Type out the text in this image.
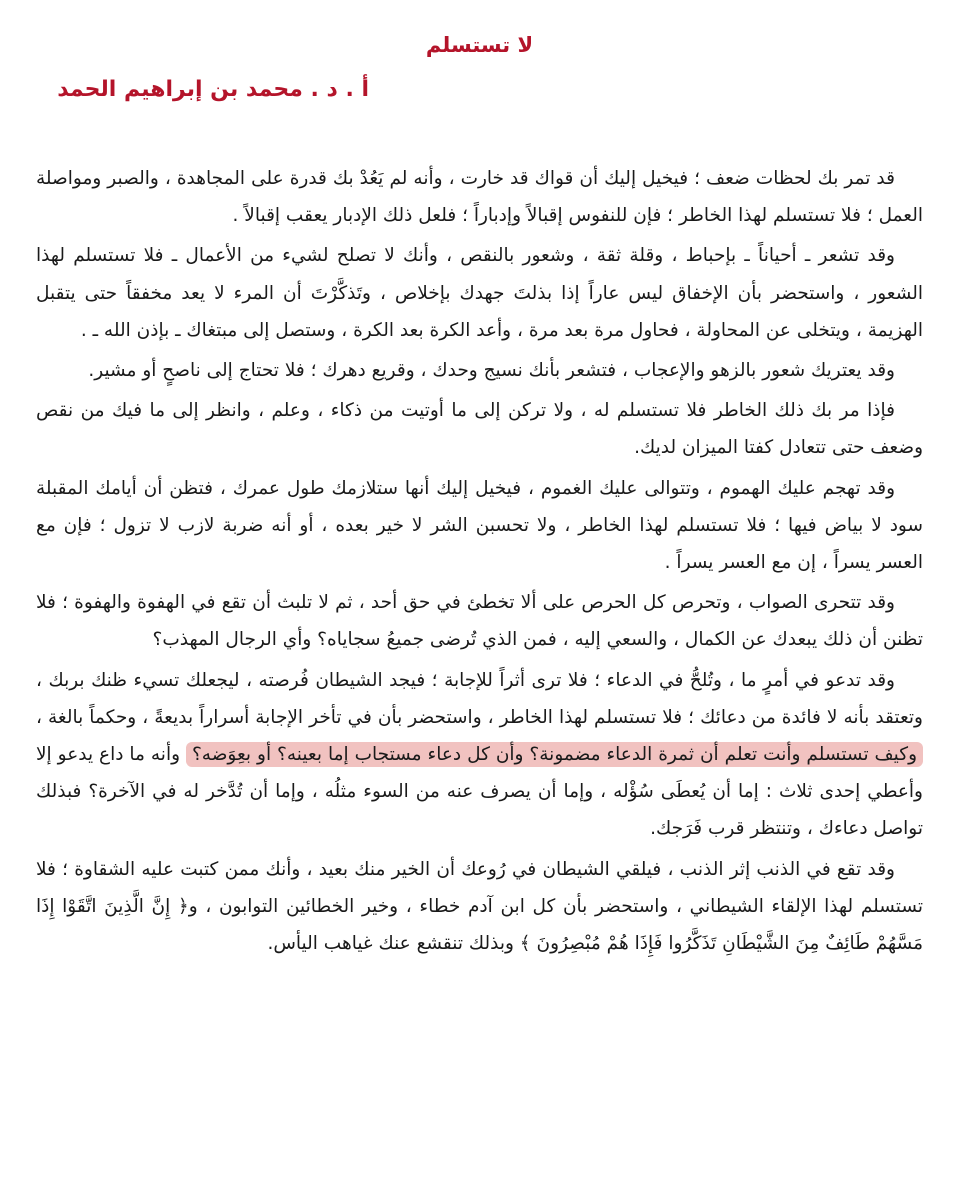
لا تستسلم
أ . د . محمد بن إبراهيم الحمد

قد تمر بك لحظات ضعف ؛ فيخيل إليك أن قواك قد خارت ، وأنه لم يَعُدْ بك قدرة على المجاهدة ، والصبر ومواصلة العمل ؛ فلا تستسلم لهذا الخاطر ؛ فإن للنفوس إقبالاً وإدباراً ؛ فلعل ذلك الإدبار يعقب إقبالاً .

وقد تشعر ـ أحياناً ـ بإحباط ، وقلة ثقة ، وشعور بالنقص ، وأنك لا تصلح لشيء من الأعمال ـ فلا تستسلم لهذا الشعور ، واستحضر بأن الإخفاق ليس عاراً إذا بذلتَ جهدك بإخلاص ، وتَذكَّرْتَ أن المرء لا يعد مخفقاً حتى يتقبل الهزيمة ، ويتخلى عن المحاولة ، فحاول مرة بعد مرة ، وأعد الكرة بعد الكرة ، وستصل إلى مبتغاك ـ بإذن الله ـ .

وقد يعتريك شعور بالزهو والإعجاب ، فتشعر بأنك نسيج وحدك ، وقريع دهرك ؛ فلا تحتاج إلى ناصحٍ أو مشير.

فإذا مر بك ذلك الخاطر فلا تستسلم له ، ولا تركن إلى ما أوتيت من ذكاء ، وعلم ، وانظر إلى ما فيك من نقص وضعف حتى تتعادل كفتا الميزان لديك.

وقد تهجم عليك الهموم ، وتتوالى عليك الغموم ، فيخيل إليك أنها ستلازمك طول عمرك ، فتظن أن أيامك المقبلة سود لا بياض فيها ؛ فلا تستسلم لهذا الخاطر ، ولا تحسبن الشر لا خير بعده ، أو أنه ضربة لازب لا تزول ؛ فإن مع العسر يسراً ، إن مع العسر يسراً .

وقد تتحرى الصواب ، وتحرص كل الحرص على ألا تخطئ في حق أحد ، ثم لا تلبث أن تقع في الهفوة والهفوة ؛ فلا تظنن أن ذلك يبعدك عن الكمال ، والسعي إليه ، فمن الذي تُرضى جميعُ سجاياه؟ وأي الرجال المهذب؟

وقد تدعو في أمرٍ ما ، وتُلحُّ في الدعاء ؛ فلا ترى أثراً للإجابة ؛ فيجد الشيطان فُرصته ، ليجعلك تسيء ظنك بربك ، وتعتقد بأنه لا فائدة من دعائك ؛ فلا تستسلم لهذا الخاطر ، واستحضر بأن في تأخر الإجابة أسراراً بديعةً ، وحكماً بالغة ، وكيف تستسلم وأنت تعلم أن ثمرة الدعاء مضمونة؟ وأن كل دعاء مستجاب إما بعينه؟ أو بعِوَضه؟ وأنه ما داع يدعو إلا وأعطي إحدى ثلاث : إما أن يُعطَى سُؤْله ، وإما أن يصرف عنه من السوء مثلُه ، وإما أن تُدَّخر له في الآخرة؟ فبذلك تواصل دعاءك ، وتنتظر قرب فَرَجك.

وقد تقع في الذنب إثر الذنب ، فيلقي الشيطان في رُوعك أن الخير منك بعيد ، وأنك ممن كتبت عليه الشقاوة ؛ فلا تستسلم لهذا الإلقاء الشيطاني ، واستحضر بأن كل ابن آدم خطاء ، وخير الخطائين التوابون ، و﴿ إِنَّ الَّذِينَ اتَّقَوْا إِذَا مَسَّهُمْ طَائِفٌ مِنَ الشَّيْطَانِ تَذَكَّرُوا فَإِذَا هُمْ مُبْصِرُونَ ﴾ وبذلك تنقشع عنك غياهب اليأس.
